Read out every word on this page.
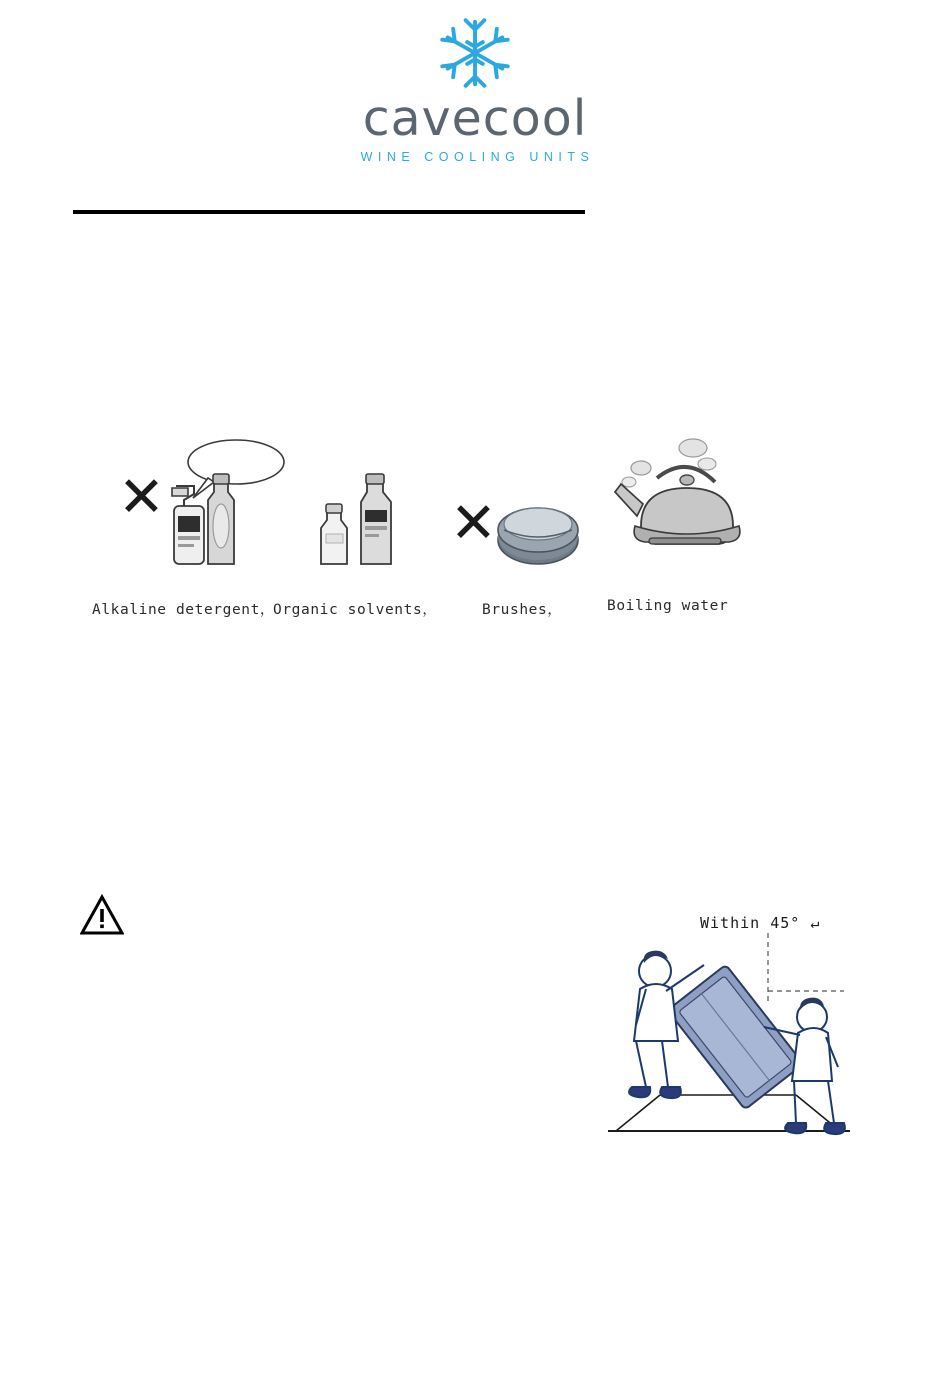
cavecool
WINE COOLING UNITS
✕
Alkaline detergent，
Organic solvents，
✕
Brushes，	Boiling water
Within 45° ↵
